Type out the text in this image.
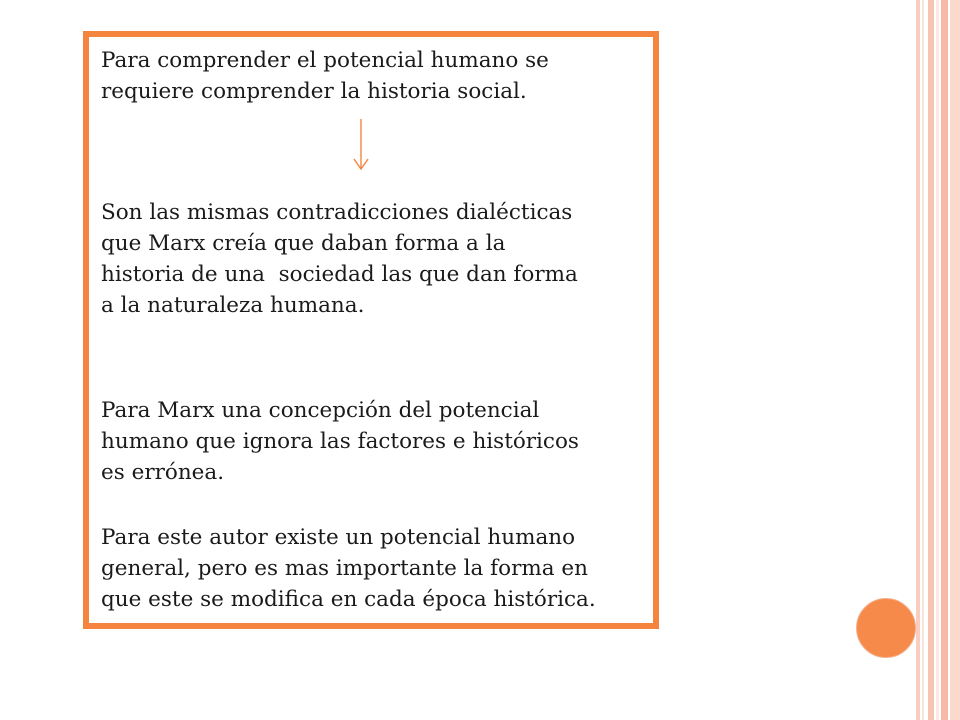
Para comprender el potencial humano se
requiere comprender la historia social.

Son las mismas contradicciones dialécticas
que Marx creía que daban forma a la
historia de una  sociedad las que dan forma
a la naturaleza humana.

Para Marx una concepción del potencial
humano que ignora las factores e históricos
es errónea.

Para este autor existe un potencial humano
general, pero es mas importante la forma en
que este se modifica en cada época histórica.
